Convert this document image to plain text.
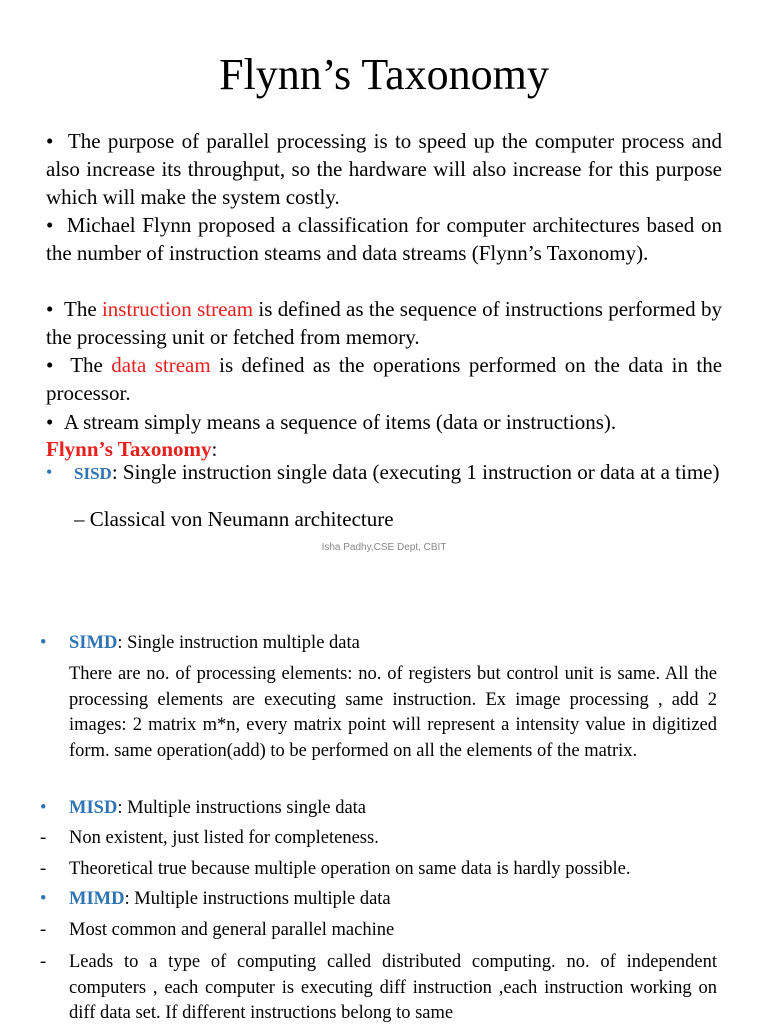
Flynn’s Taxonomy
• The purpose of parallel processing is to speed up the computer process and also increase its throughput, so the hardware will also increase for this purpose which will make the system costly.
• Michael Flynn proposed a classification for computer architectures based on the number of instruction steams and data streams (Flynn’s Taxonomy).
• The instruction stream is defined as the sequence of instructions performed by the processing unit or fetched from memory.
• The data stream is defined as the operations performed on the data in the processor.
• A stream simply means a sequence of items (data or instructions).
Flynn’s Taxonomy:
•	SISD: Single instruction single data (executing 1 instruction or data at a time)
– Classical von Neumann architecture
Isha Padhy,CSE Dept, CBIT
•	SIMD: Single instruction multiple data
There are no. of processing elements: no. of registers but control unit is same. All the processing elements are executing same instruction. Ex image processing , add 2 images: 2 matrix m*n, every matrix point will represent a intensity value in digitized form. same operation(add) to be performed on all the elements of the matrix.
•	MISD: Multiple instructions single data
-	Non existent, just listed for completeness.
-	Theoretical true because multiple operation on same data is hardly possible.
•	MIMD: Multiple instructions multiple data
-	Most common and general parallel machine
-	Leads to a type of computing called distributed computing. no. of independent computers , each computer is executing diff instruction ,each instruction working on diff data set. If different instructions belong to same
